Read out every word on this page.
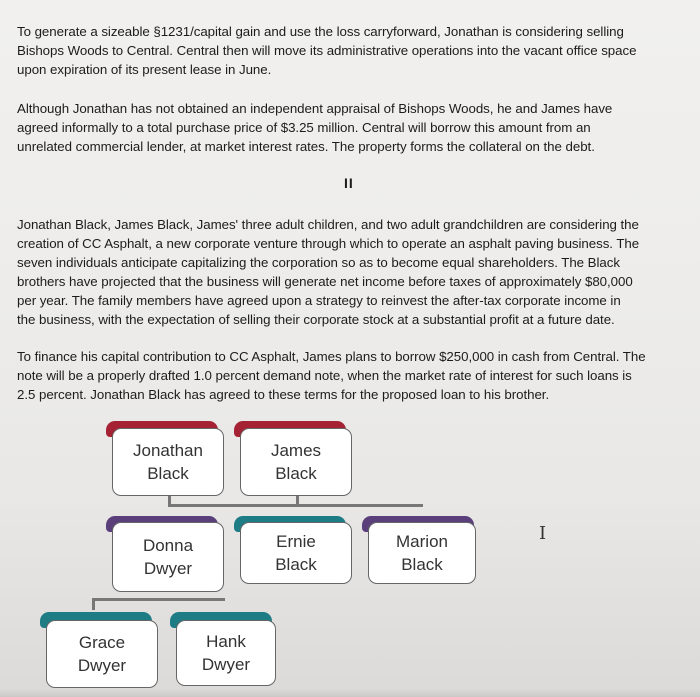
To generate a sizeable §1231/capital gain and use the loss carryforward, Jonathan is considering selling
Bishops Woods to Central. Central then will move its administrative operations into the vacant office space
upon expiration of its present lease in June.
Although Jonathan has not obtained an independent appraisal of Bishops Woods, he and James have
agreed informally to a total purchase price of $3.25 million. Central will borrow this amount from an
unrelated commercial lender, at market interest rates. The property forms the collateral on the debt.
II
Jonathan Black, James Black, James' three adult children, and two adult grandchildren are considering the
creation of CC Asphalt, a new corporate venture through which to operate an asphalt paving business. The
seven individuals anticipate capitalizing the corporation so as to become equal shareholders. The Black
brothers have projected that the business will generate net income before taxes of approximately $80,000
per year. The family members have agreed upon a strategy to reinvest the after-tax corporate income in
the business, with the expectation of selling their corporate stock at a substantial profit at a future date.
To finance his capital contribution to CC Asphalt, James plans to borrow $250,000 in cash from Central. The
note will be a properly drafted 1.0 percent demand note, when the market rate of interest for such loans is
2.5 percent. Jonathan Black has agreed to these terms for the proposed loan to his brother.
Jonathan
Black
James
Black
Donna
Dwyer
Ernie
Black
Marion
Black
Grace
Dwyer
Hank
Dwyer
I
